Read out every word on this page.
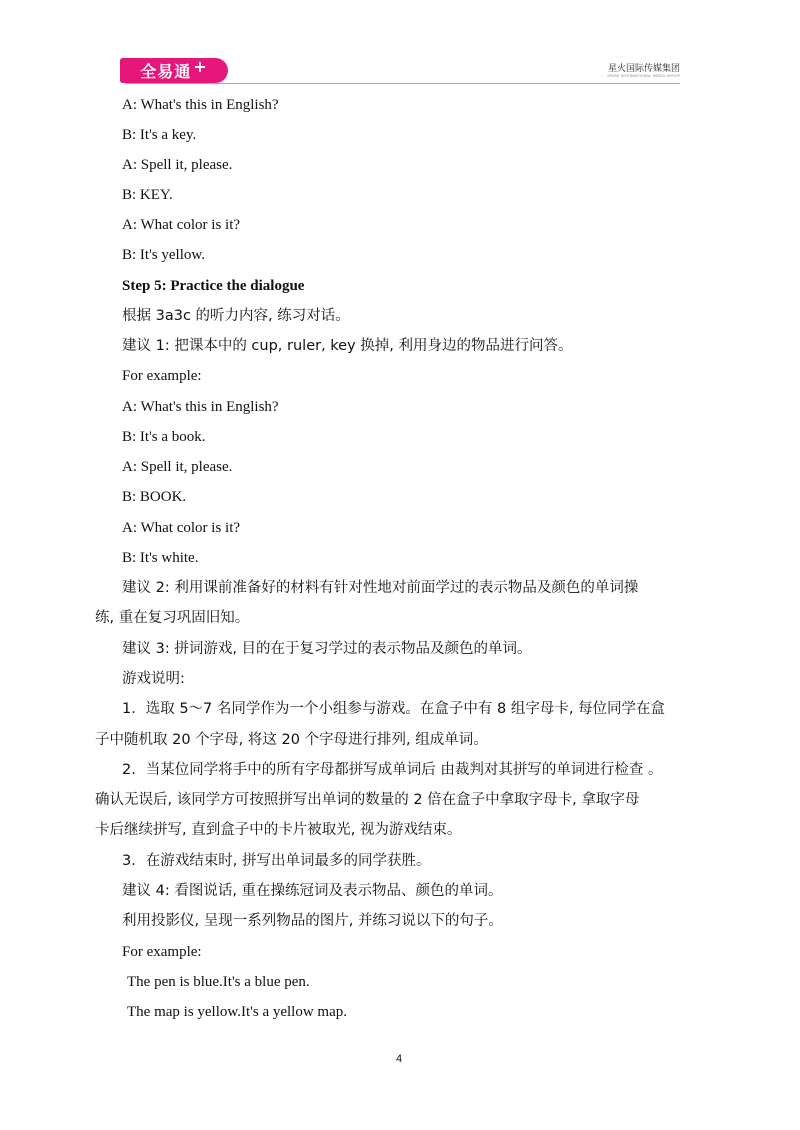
全易通 +	星火国际传媒集团
SPARK INTERNATIONAL MEDIA GROUP
A: What's this in English?
B: It's a key.
A: Spell it, please.
B: KEY.
A: What color is it?
B: It's yellow.
Step 5: Practice the dialogue
根据 3a3c 的听力内容, 练习对话。
建议 1: 把课本中的 cup, ruler, key 换掉, 利用身边的物品进行问答。
For example:
A: What's this in English?
B: It's a book.
A: Spell it, please.
B: BOOK.
A: What color is it?
B: It's white.
建议 2: 利用课前准备好的材料有针对性地对前面学过的表示物品及颜色的单词操
练, 重在复习巩固旧知。
建议 3: 拼词游戏, 目的在于复习学过的表示物品及颜色的单词。
游戏说明:
1．选取 5～7 名同学作为一个小组参与游戏。在盒子中有 8 组字母卡, 每位同学在盒
子中随机取 20 个字母, 将这 20 个字母进行排列, 组成单词。
2．当某位同学将手中的所有字母都拼写成单词后 由裁判对其拼写的单词进行检查 。
确认无误后, 该同学方可按照拼写出单词的数量的 2 倍在盒子中拿取字母卡, 拿取字母
卡后继续拼写, 直到盒子中的卡片被取光, 视为游戏结束。
3．在游戏结束时, 拼写出单词最多的同学获胜。
建议 4: 看图说话, 重在操练冠词及表示物品、颜色的单词。
利用投影仪, 呈现一系列物品的图片, 并练习说以下的句子。
For example:
The pen is blue.It's a blue pen.
The map is yellow.It's a yellow map.
4
